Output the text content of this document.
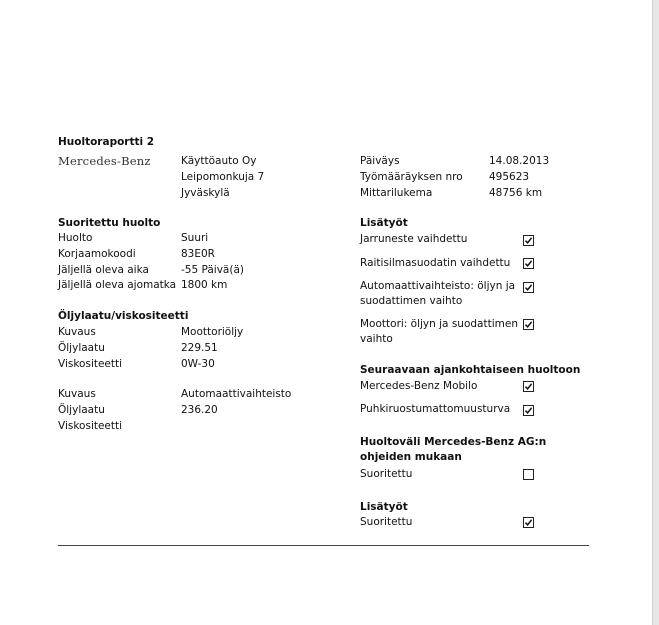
Huoltoraportti 2
Mercedes-Benz	Käyttöauto Oy
Leipomonkuja 7
Jyväskylä
Päiväys
Työmääräyksen nro
Mittarilukema
14.08.2013
495623
48756 km
Suoritettu huolto
Huolto
Korjaamokoodi
Jäljellä oleva aika
Jäljellä oleva ajomatka
Suuri
83E0R
-55 Päivä(ä)
1800 km
Öljylaatu/viskositeetti
Kuvaus
Öljylaatu
Viskositeetti
Moottoriöljy
229.51
0W-30
Kuvaus
Öljylaatu
Viskositeetti
Automaattivaihteisto
236.20
Lisätyöt
Jarruneste vaihdettu
Raitisilmasuodatin vaihdettu
Automaattivaihteisto: öljyn ja suodattimen vaihto
Moottori: öljyn ja suodattimen vaihto
Seuraavaan ajankohtaiseen huoltoon
Mercedes-Benz Mobilo
Puhkiruostumattomuusturva
Huoltoväli Mercedes-Benz AG:n ohjeiden mukaan
Suoritettu
Lisätyöt
Suoritettu
